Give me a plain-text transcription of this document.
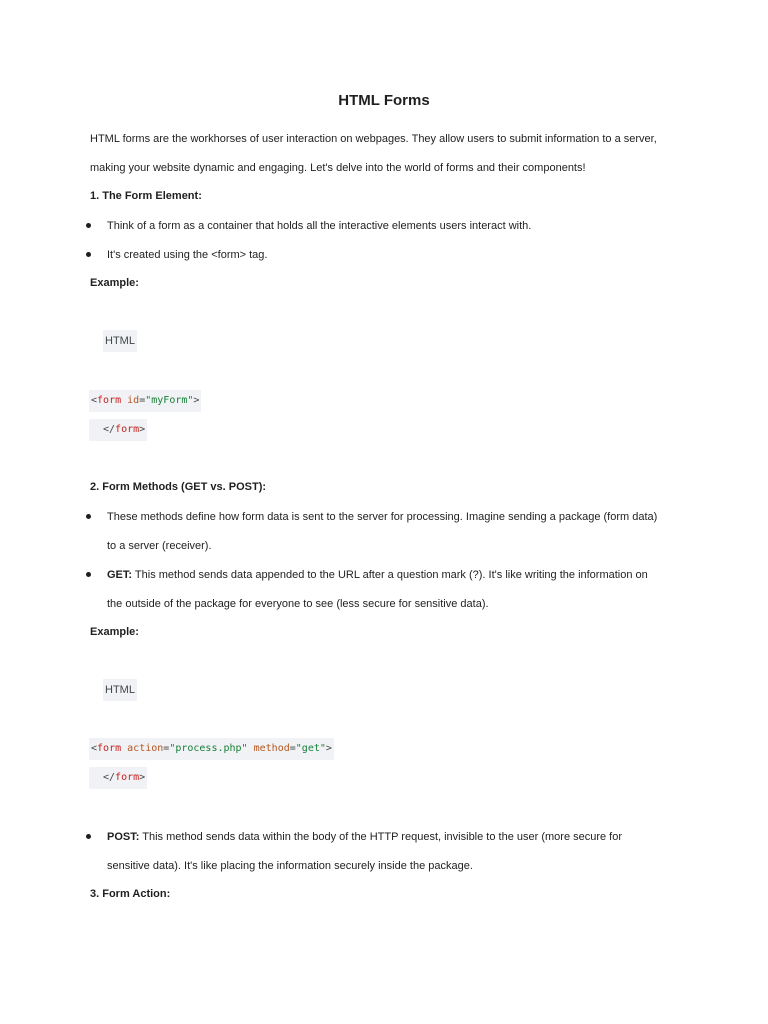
HTML Forms
HTML forms are the workhorses of user interaction on webpages. They allow users to submit information to a server,
making your website dynamic and engaging. Let's delve into the world of forms and their components!
1. The Form Element:
Think of a form as a container that holds all the interactive elements users interact with.
It's created using the <form> tag.
Example:
HTML
<form id="myForm">
</form>
2. Form Methods (GET vs. POST):
These methods define how form data is sent to the server for processing. Imagine sending a package (form data)
to a server (receiver).
GET: This method sends data appended to the URL after a question mark (?). It's like writing the information on
the outside of the package for everyone to see (less secure for sensitive data).
Example:
HTML
<form action="process.php" method="get">
</form>
POST: This method sends data within the body of the HTTP request, invisible to the user (more secure for
sensitive data). It's like placing the information securely inside the package.
3. Form Action:
